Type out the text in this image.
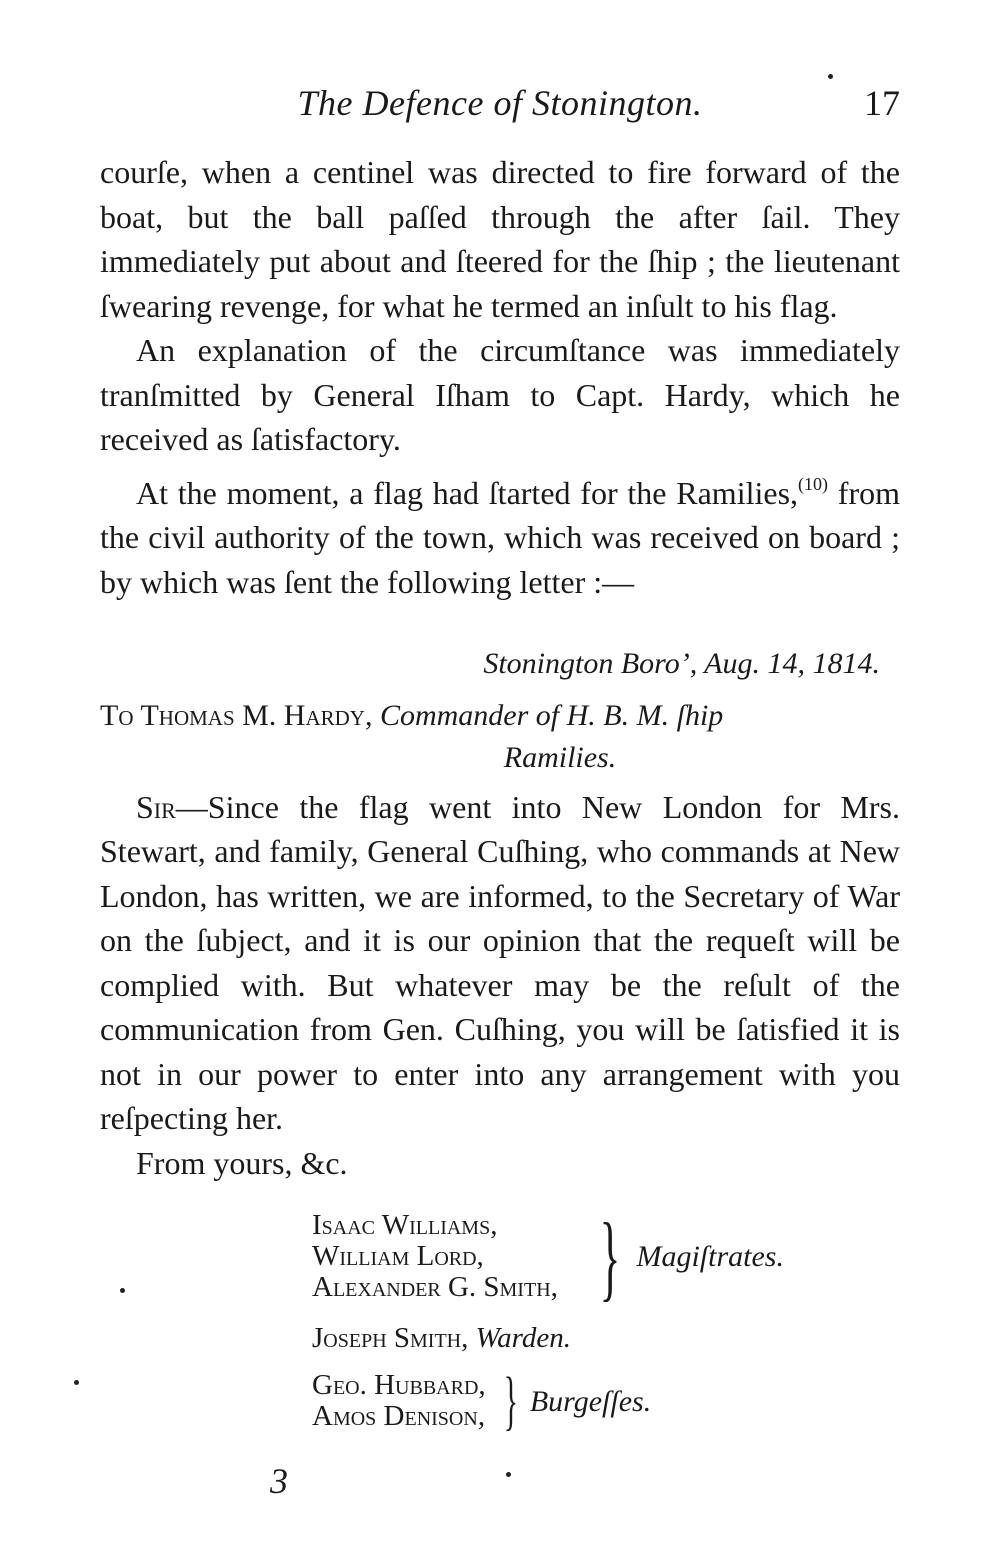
The Defence of Stonington.	17

courſe, when a centinel was directed to fire forward of the boat, but the ball paſſed through the after ſail. They immediately put about and ſteered for the ſhip ; the lieutenant ſwearing revenge, for what he termed an inſult to his flag.

An explanation of the circumſtance was immediately tranſmitted by General Iſham to Capt. Hardy, which he received as ſatisfactory.

At the moment, a flag had ſtarted for the Ramilies,$^{(10)}$ from the civil authority of the town, which was received on board ; by which was ſent the following letter :—

Stonington Boro’, Aug. 14, 1814.

To Thomas M. Hardy, Commander of H. B. M. ſhip
Ramilies.

Sir—Since the flag went into New London for Mrs. Stewart, and family, General Cuſhing, who commands at New London, has written, we are informed, to the Secretary of War on the ſubject, and it is our opinion that the requeſt will be complied with. But whatever may be the reſult of the communication from Gen. Cuſhing, you will be ſatisfied it is not in our power to enter into any arrangement with you reſpecting her.

From yours, &c.

Isaac Williams,
William Lord,
Alexander G. Smith, } Magiſtrates.
Joseph Smith, Warden.
Geo. Hubbard,
Amos Denison, } Burgeſſes.
3
